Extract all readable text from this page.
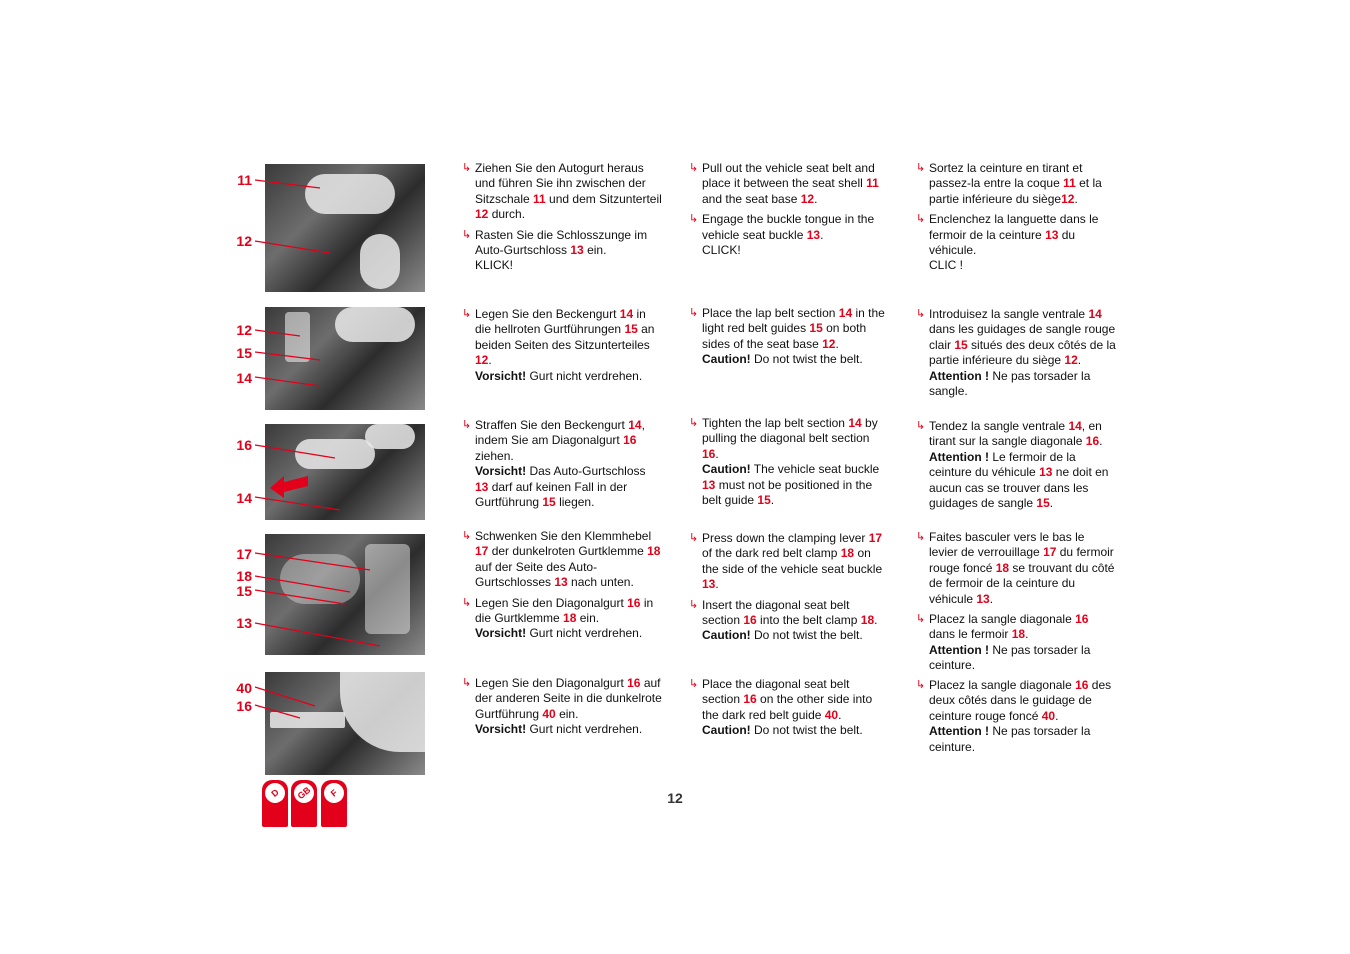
11
12
12
15
14
16
14
17
18
15
13
40
16
↳ Ziehen Sie den Autogurt heraus und führen Sie ihn zwischen der Sitzschale 11 und dem Sitzunterteil 12 durch.
↳ Rasten Sie die Schlosszunge im Auto-Gurtschloss 13 ein.
KLICK!
↳ Pull out the vehicle seat belt and place it between the seat shell 11 and the seat base 12.
↳ Engage the buckle tongue in the vehicle seat buckle 13.
CLICK!
↳ Sortez la ceinture en tirant et passez-la entre la coque 11 et la partie inférieure du siège12.
↳ Enclenchez la languette dans le fermoir de la ceinture 13 du véhicule.
CLIC !
↳ Legen Sie den Beckengurt 14 in die hellroten Gurtführungen 15 an beiden Seiten des Sitzunterteiles 12.
Vorsicht! Gurt nicht verdrehen.
↳ Place the lap belt section 14 in the light red belt guides 15 on both sides of the seat base 12.
Caution! Do not twist the belt.
↳ Introduisez la sangle ventrale 14 dans les guidages de sangle rouge clair 15 situés des deux côtés de la partie inférieure du siège 12.
Attention ! Ne pas torsader la sangle.
↳ Straffen Sie den Beckengurt 14, indem Sie am Diagonalgurt 16 ziehen.
Vorsicht! Das Auto-Gurtschloss 13 darf auf keinen Fall in der Gurtführung 15 liegen.
↳ Tighten the lap belt section 14 by pulling the diagonal belt section 16.
Caution! The vehicle seat buckle 13 must not be positioned in the belt guide 15.
↳ Tendez la sangle ventrale 14, en tirant sur la sangle diagonale 16.
Attention ! Le fermoir de la ceinture du véhicule 13 ne doit en aucun cas se trouver dans les guidages de sangle 15.
↳ Schwenken Sie den Klemmhebel 17 der dunkelroten Gurtklemme 18 auf der Seite des Auto-Gurtschlosses 13 nach unten.
↳ Legen Sie den Diagonalgurt 16 in die Gurtklemme 18 ein.
Vorsicht! Gurt nicht verdrehen.
↳ Press down the clamping lever 17 of the dark red belt clamp 18 on the side of the vehicle seat buckle 13.
↳ Insert the diagonal seat belt section 16 into the belt clamp 18.
Caution! Do not twist the belt.
↳ Faites basculer vers le bas le levier de verrouillage 17 du fermoir rouge foncé 18 se trouvant du côté de fermoir de la ceinture du véhicule 13.
↳ Placez la sangle diagonale 16 dans le fermoir 18.
Attention ! Ne pas torsader la ceinture.
↳ Legen Sie den Diagonalgurt 16 auf der anderen Seite in die dunkelrote Gurtführung 40 ein.
Vorsicht! Gurt nicht verdrehen.
↳ Place the diagonal seat belt section 16 on the other side into the dark red belt guide 40.
Caution! Do not twist the belt.
↳ Placez la sangle diagonale 16 des deux côtés dans le guidage de ceinture rouge foncé 40.
Attention ! Ne pas torsader la ceinture.
D	GB	F	12
